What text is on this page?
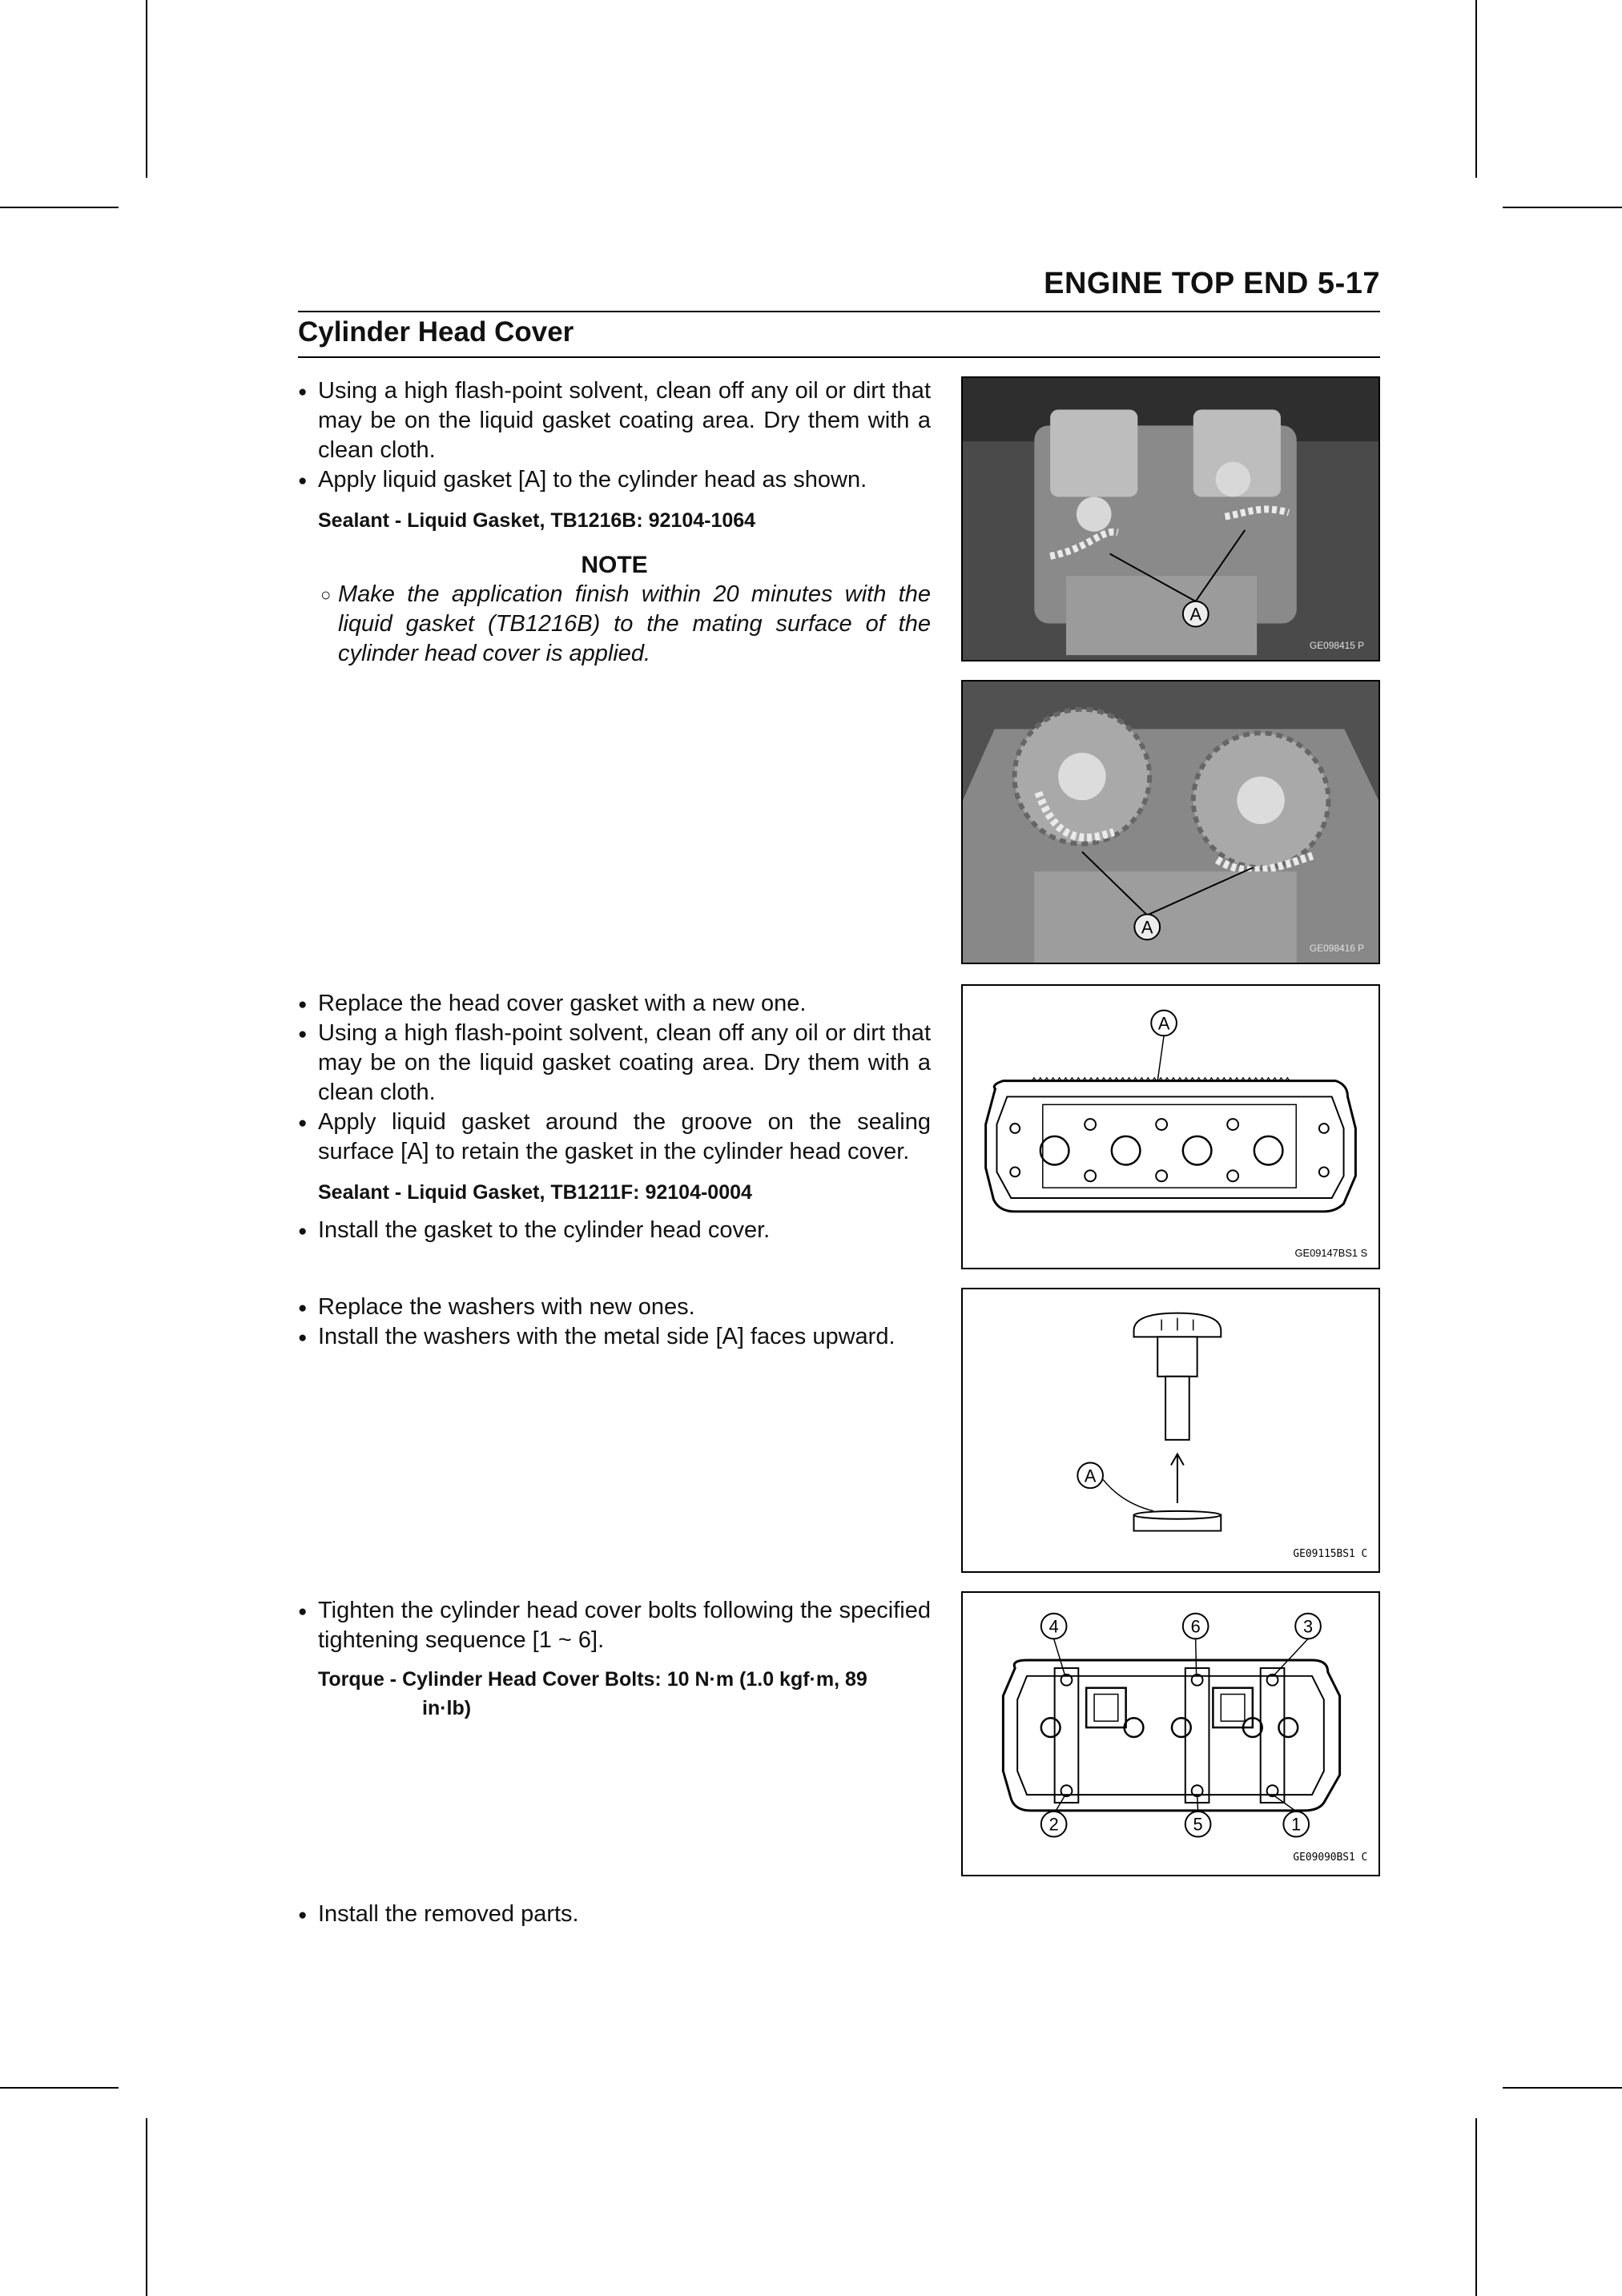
ENGINE TOP END 5-17
Cylinder Head Cover
● Using a high flash-point solvent, clean off any oil or dirt that may be on the liquid gasket coating area. Dry them with a clean cloth.
● Apply liquid gasket [A] to the cylinder head as shown.
Sealant - Liquid Gasket, TB1216B: 92104-1064
NOTE
○ Make the application finish within 20 minutes with the liquid gasket (TB1216B) to the mating surface of the cylinder head cover is applied.
A
GE098415 P
A
GE098416 P
● Replace the head cover gasket with a new one.
● Using a high flash-point solvent, clean off any oil or dirt that may be on the liquid gasket coating area. Dry them with a clean cloth.
● Apply liquid gasket around the groove on the sealing surface [A] to retain the gasket in the cylinder head cover.
Sealant - Liquid Gasket, TB1211F: 92104-0004
● Install the gasket to the cylinder head cover.
A
GE09147BS1 S
● Replace the washers with new ones.
● Install the washers with the metal side [A] faces upward.
A
GE09115BS1 C
● Tighten the cylinder head cover bolts following the specified tightening sequence [1 ~ 6].
Torque - Cylinder Head Cover Bolts: 10 N·m (1.0 kgf·m, 89
in·lb)
4	6	3
2	5	1
GE09090BS1 C
● Install the removed parts.
